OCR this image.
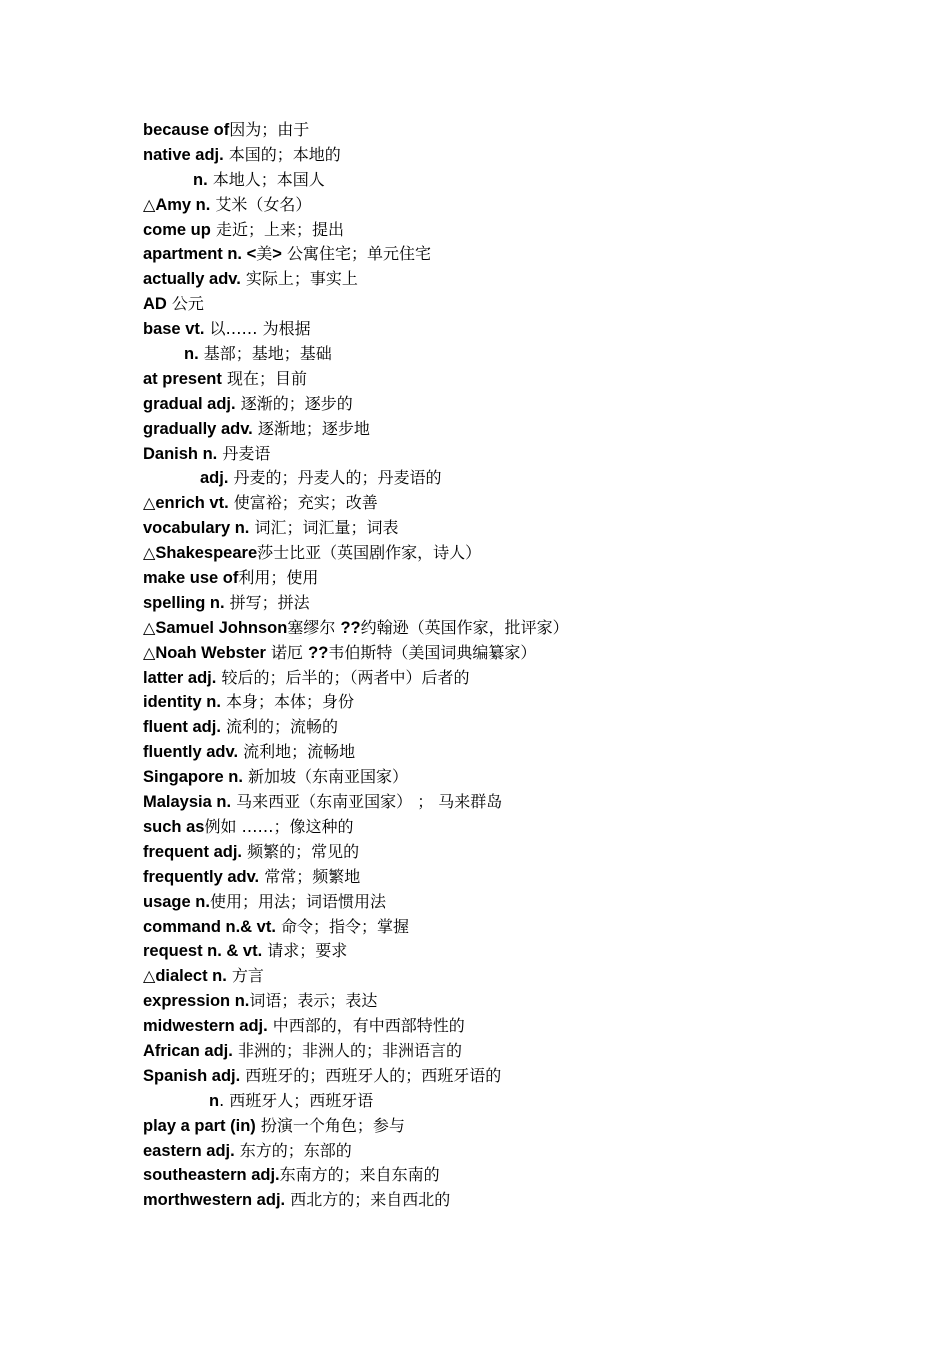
because of因为；由于
native adj. 本国的；本地的
n. 本地人；本国人
△Amy n. 艾米（女名）
come up 走近；上来；提出
apartment n. <美> 公寓住宅；单元住宅
actually adv. 实际上；事实上
AD 公元
base vt. 以…… 为根据
n. 基部；基地；基础
at present 现在；目前
gradual adj. 逐渐的；逐步的
gradually adv. 逐渐地；逐步地
Danish n. 丹麦语
adj. 丹麦的；丹麦人的；丹麦语的
△enrich vt. 使富裕；充实；改善
vocabulary n. 词汇；词汇量；词表
△Shakespeare莎士比亚（英国剧作家，诗人）
make use of利用；使用
spelling n. 拼写；拼法
△Samuel Johnson塞缪尔 ??约翰逊（英国作家，批评家）
△Noah Webster 诺厄 ??韦伯斯特（美国词典编纂家）
latter adj. 较后的；后半的；（两者中）后者的
identity n. 本身；本体；身份
fluent adj. 流利的；流畅的
fluently adv. 流利地；流畅地
Singapore n. 新加坡（东南亚国家）
Malaysia n. 马来西亚（东南亚国家） ； 马来群岛
such as例如 ……；像这种的
frequent adj. 频繁的；常见的
frequently adv. 常常；频繁地
usage n.使用；用法；词语惯用法
command n.& vt. 命令；指令；掌握
request n. & vt. 请求；要求
△dialect n. 方言
expression n.词语；表示；表达
midwestern adj. 中西部的，有中西部特性的
African adj. 非洲的；非洲人的；非洲语言的
Spanish adj. 西班牙的；西班牙人的；西班牙语的
n. 西班牙人；西班牙语
play a part (in) 扮演一个角色；参与
eastern adj. 东方的；东部的
southeastern adj.东南方的；来自东南的
morthwestern adj. 西北方的；来自西北的
